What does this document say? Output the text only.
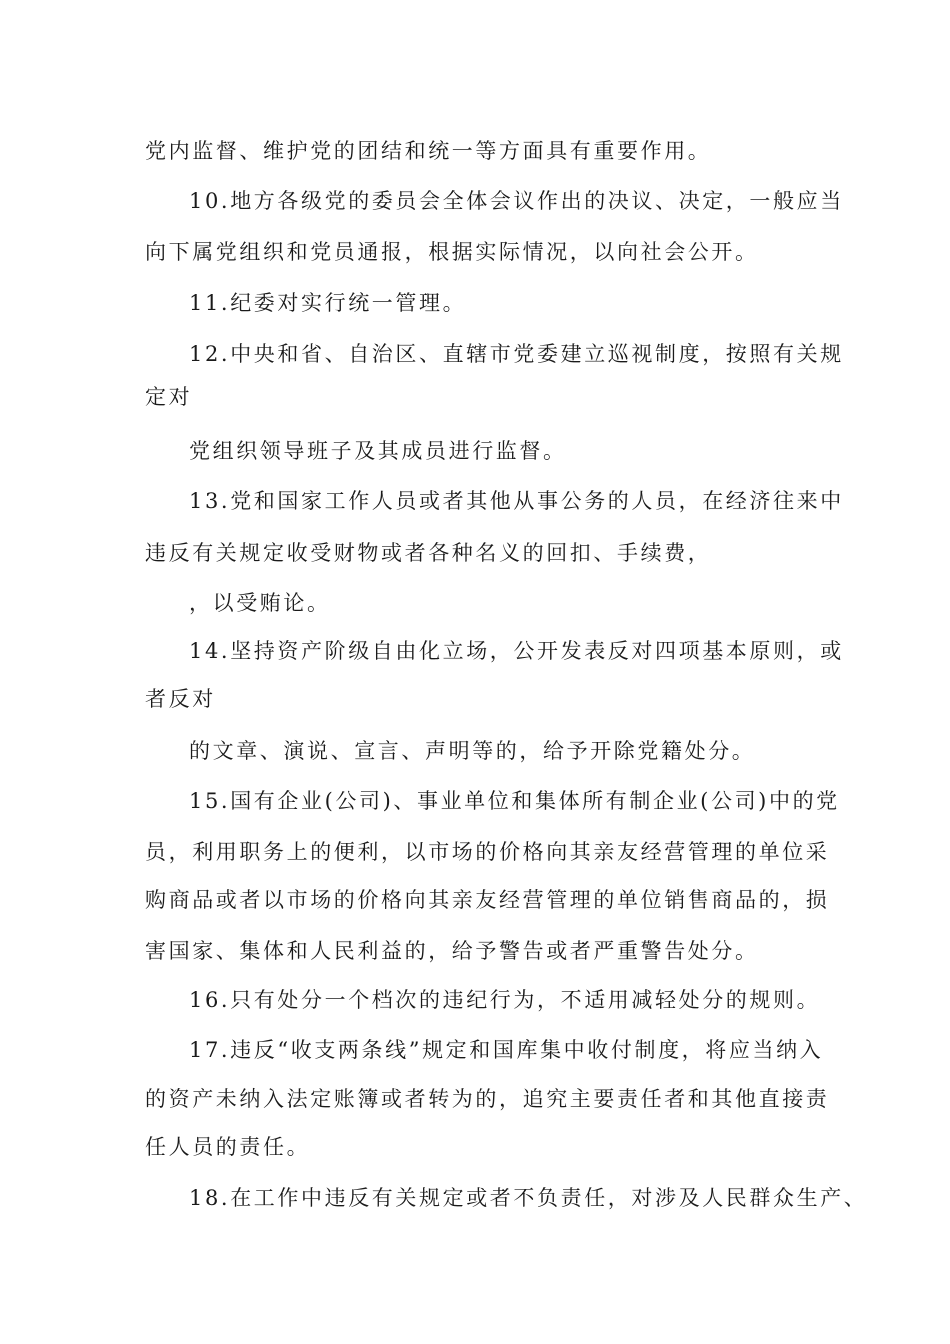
党内监督、维护党的团结和统一等方面具有重要作用。
10.地方各级党的委员会全体会议作出的决议、决定，一般应当
向下属党组织和党员通报，根据实际情况，以向社会公开。
11.纪委对实行统一管理。
12.中央和省、自治区、直辖市党委建立巡视制度，按照有关规
定对
党组织领导班子及其成员进行监督。
13.党和国家工作人员或者其他从事公务的人员，在经济往来中
违反有关规定收受财物或者各种名义的回扣、手续费，
，以受贿论。
14.坚持资产阶级自由化立场，公开发表反对四项基本原则，或
者反对
的文章、演说、宣言、声明等的，给予开除党籍处分。
15.国有企业(公司)、事业单位和集体所有制企业(公司)中的党
员，利用职务上的便利，以市场的价格向其亲友经营管理的单位采
购商品或者以市场的价格向其亲友经营管理的单位销售商品的，损
害国家、集体和人民利益的，给予警告或者严重警告处分。
16.只有处分一个档次的违纪行为，不适用减轻处分的规则。
17.违反“收支两条线”规定和国库集中收付制度，将应当纳入
的资产未纳入法定账簿或者转为的，追究主要责任者和其他直接责
任人员的责任。
18.在工作中违反有关规定或者不负责任，对涉及人民群众生产、
